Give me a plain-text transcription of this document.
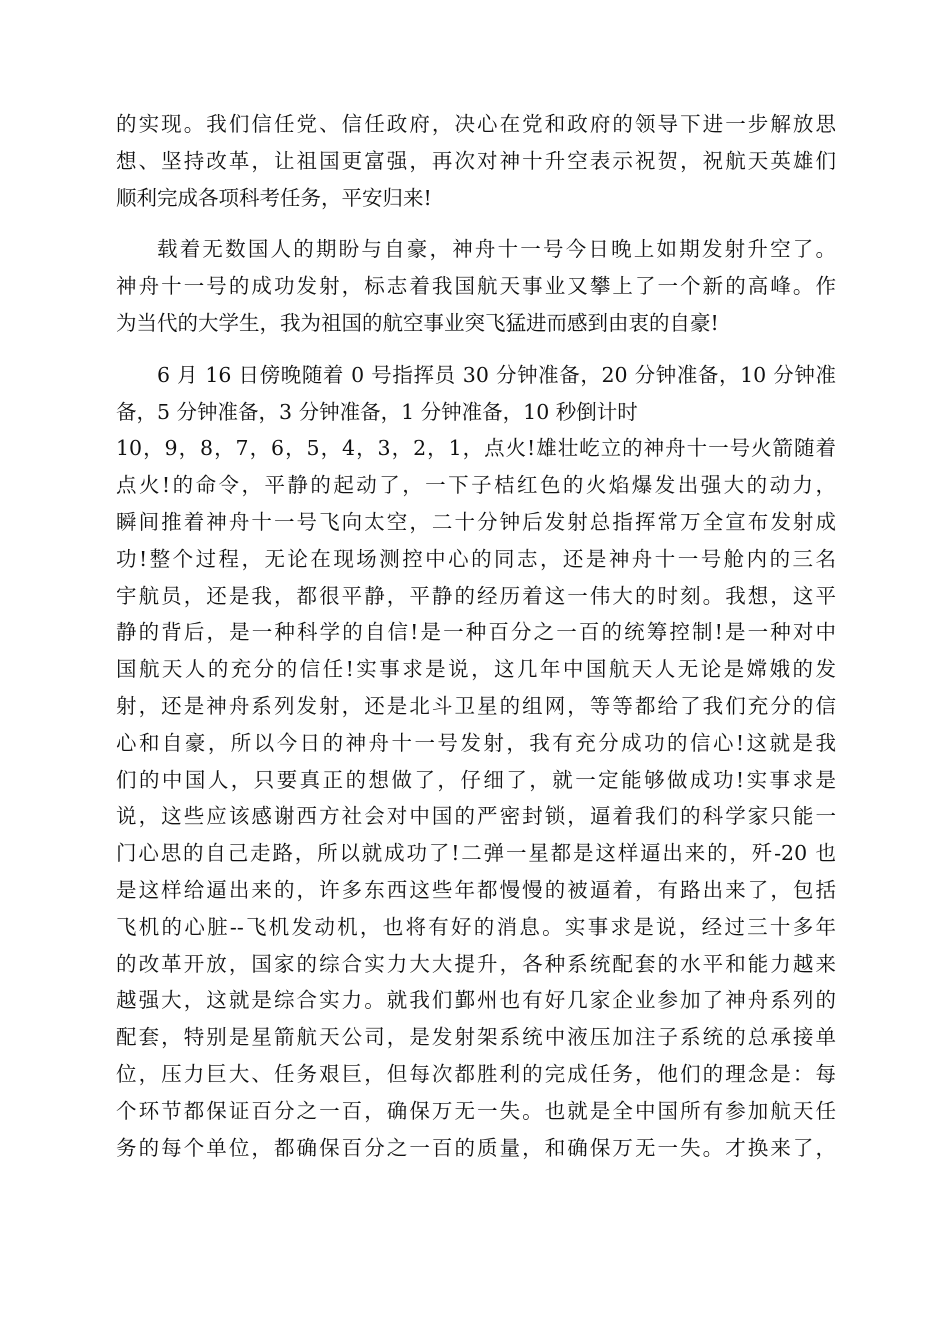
的实现。我们信任党、信任政府，决心在党和政府的领导下进一步解放思
想、坚持改革，让祖国更富强，再次对神十升空表示祝贺，祝航天英雄们
顺利完成各项科考任务，平安归来!
载着无数国人的期盼与自豪，神舟十一号今日晚上如期发射升空了。
神舟十一号的成功发射，标志着我国航天事业又攀上了一个新的高峰。作
为当代的大学生，我为祖国的航空事业突飞猛进而感到由衷的自豪!
6 月 16 日傍晚随着 0 号指挥员 30 分钟准备，20 分钟准备，10 分钟准
备，5 分钟准备，3 分钟准备，1 分钟准备，10 秒倒计时
10，9，8，7，6，5，4，3，2，1，点火!雄壮屹立的神舟十一号火箭随着
点火!的命令，平静的起动了，一下子桔红色的火焰爆发出强大的动力，
瞬间推着神舟十一号飞向太空，二十分钟后发射总指挥常万全宣布发射成
功!整个过程，无论在现场测控中心的同志，还是神舟十一号舱内的三名
宇航员，还是我，都很平静，平静的经历着这一伟大的时刻。我想，这平
静的背后，是一种科学的自信!是一种百分之一百的统筹控制!是一种对中
国航天人的充分的信任!实事求是说，这几年中国航天人无论是嫦娥的发
射，还是神舟系列发射，还是北斗卫星的组网，等等都给了我们充分的信
心和自豪，所以今日的神舟十一号发射，我有充分成功的信心!这就是我
们的中国人，只要真正的想做了，仔细了，就一定能够做成功!实事求是
说，这些应该感谢西方社会对中国的严密封锁，逼着我们的科学家只能一
门心思的自己走路，所以就成功了!二弹一星都是这样逼出来的，歼-20 也
是这样给逼出来的，许多东西这些年都慢慢的被逼着，有路出来了，包括
飞机的心脏--飞机发动机，也将有好的消息。实事求是说，经过三十多年
的改革开放，国家的综合实力大大提升，各种系统配套的水平和能力越来
越强大，这就是综合实力。就我们鄞州也有好几家企业参加了神舟系列的
配套，特别是星箭航天公司，是发射架系统中液压加注子系统的总承接单
位，压力巨大、任务艰巨，但每次都胜利的完成任务，他们的理念是：每
个环节都保证百分之一百，确保万无一失。也就是全中国所有参加航天任
务的每个单位，都确保百分之一百的质量，和确保万无一失。才换来了，
